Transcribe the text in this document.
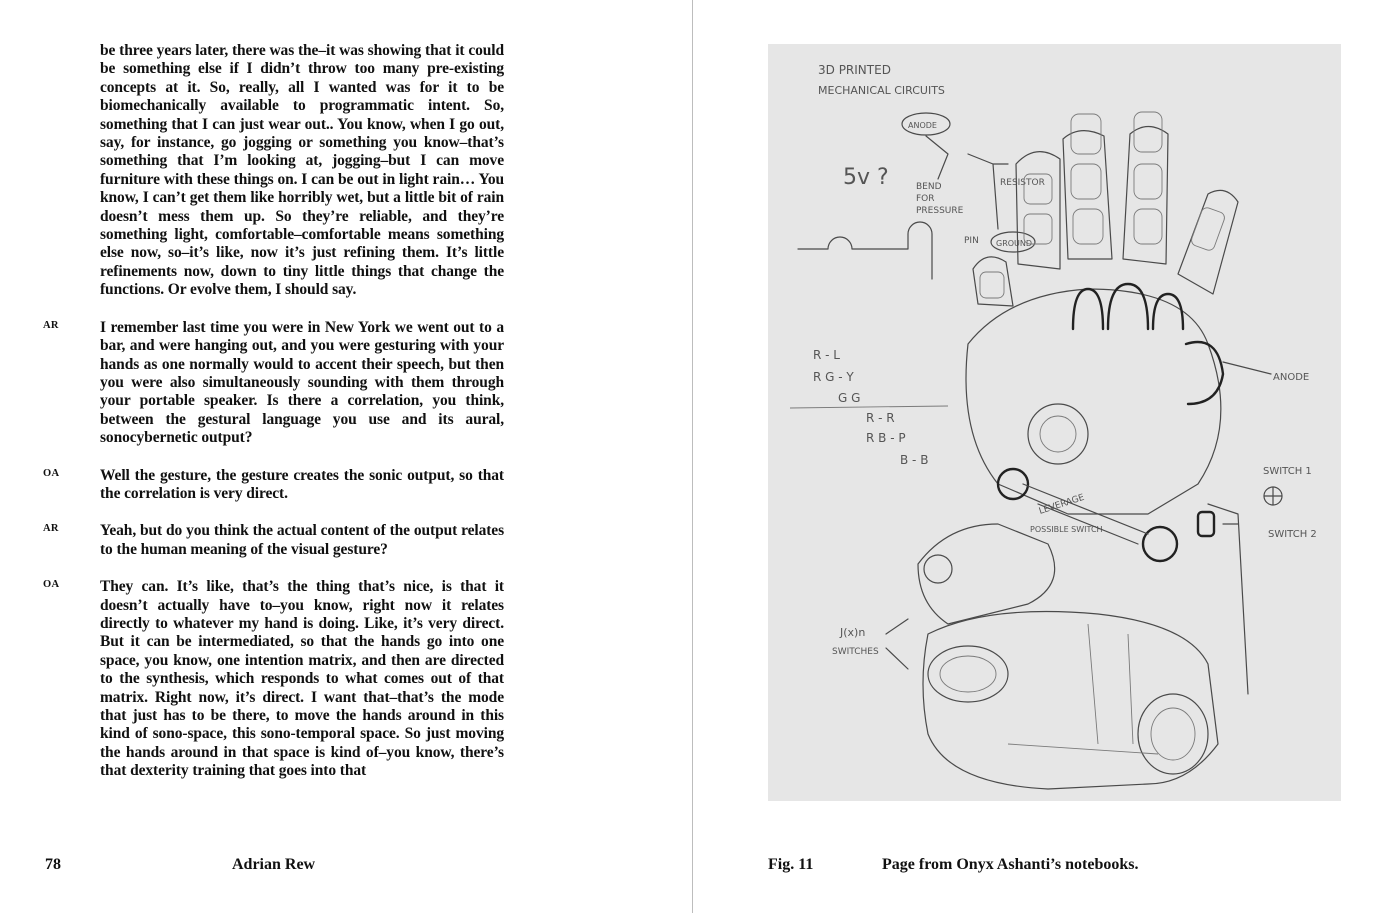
be three years later, there was the–it was showing that it could be something else if I didn’t throw too many pre-existing concepts at it. So, really, all I wanted was for it to be biomechanically available to programmatic intent. So, something that I can just wear out.. You know, when I go out, say, for instance, go jogging or something you know–that’s something that I’m looking at, jogging–but I can move furniture with these things on. I can be out in light rain… You know, I can’t get them like horribly wet, but a little bit of rain doesn’t mess them up. So they’re reliable, and they’re something light, comfortable–comfortable means something else now, so–it’s like, now it’s just refining them. It’s little refinements now, down to tiny little things that change the functions. Or evolve them, I should say.

AR	I remember last time you were in New York we went out to a bar, and were hanging out, and you were gesturing with your hands as one normally would to accent their speech, but then you were also simultaneously sounding with them through your portable speaker. Is there a correlation, you think, between the gestural language you use and its aural, sonocybernetic output?

OA	Well the gesture, the gesture creates the sonic output, so that the correlation is very direct.

AR	Yeah, but do you think the actual content of the output relates to the human meaning of the visual gesture?

OA	They can. It’s like, that’s the thing that’s nice, is that it doesn’t actually have to–you know, right now it relates directly to whatever my hand is doing. Like, it’s very direct. But it can be intermediated, so that the hands go into one space, you know, one intention matrix, and then are directed to the synthesis, which responds to what comes out of that matrix. Right now, it’s direct. I want that–that’s the mode that just has to be there, to move the hands around in this kind of sono-space, this sono-temporal space. So just moving the hands around in that space is kind of–you know, there’s that dexterity training that goes into that

78	Adrian Rew
3D PRINTED
MECHANICAL CIRCUITS
ANODE
5v ?	BEND
FOR
PRESSURE
RESISTOR
PIN GROUND
R - L
R G - Y
G G
R - R
R B - P
B - B
ANODE
SWITCH 1
SWITCH 2
LEVERAGE
POSSIBLE SWITCH
J(x)n
SWITCHES
Fig. 11	Page from Onyx Ashanti’s notebooks.
